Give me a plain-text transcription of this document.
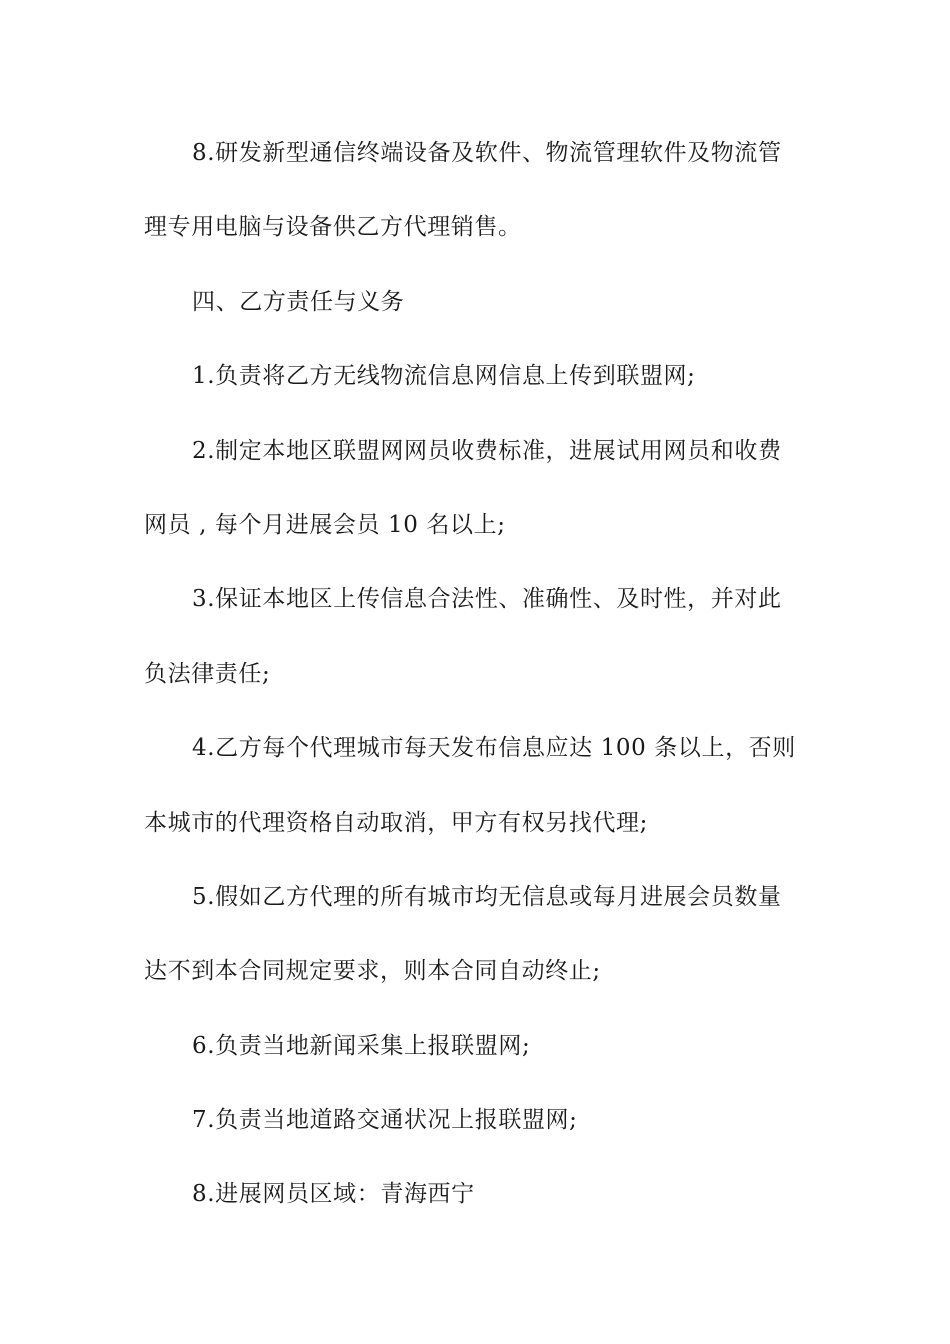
8.研发新型通信终端设备及软件、物流管理软件及物流管
理专用电脑与设备供乙方代理销售。
四、乙方责任与义务
1.负责将乙方无线物流信息网信息上传到联盟网;
2.制定本地区联盟网网员收费标准，进展试用网员和收费
网员 , 每个月进展会员 10 名以上;
3.保证本地区上传信息合法性、准确性、及时性，并对此
负法律责任;
4.乙方每个代理城市每天发布信息应达 100 条以上，否则
本城市的代理资格自动取消，甲方有权另找代理;
5.假如乙方代理的所有城市均无信息或每月进展会员数量
达不到本合同规定要求，则本合同自动终止;
6.负责当地新闻采集上报联盟网;
7.负责当地道路交通状况上报联盟网;
8.进展网员区域：青海西宁
